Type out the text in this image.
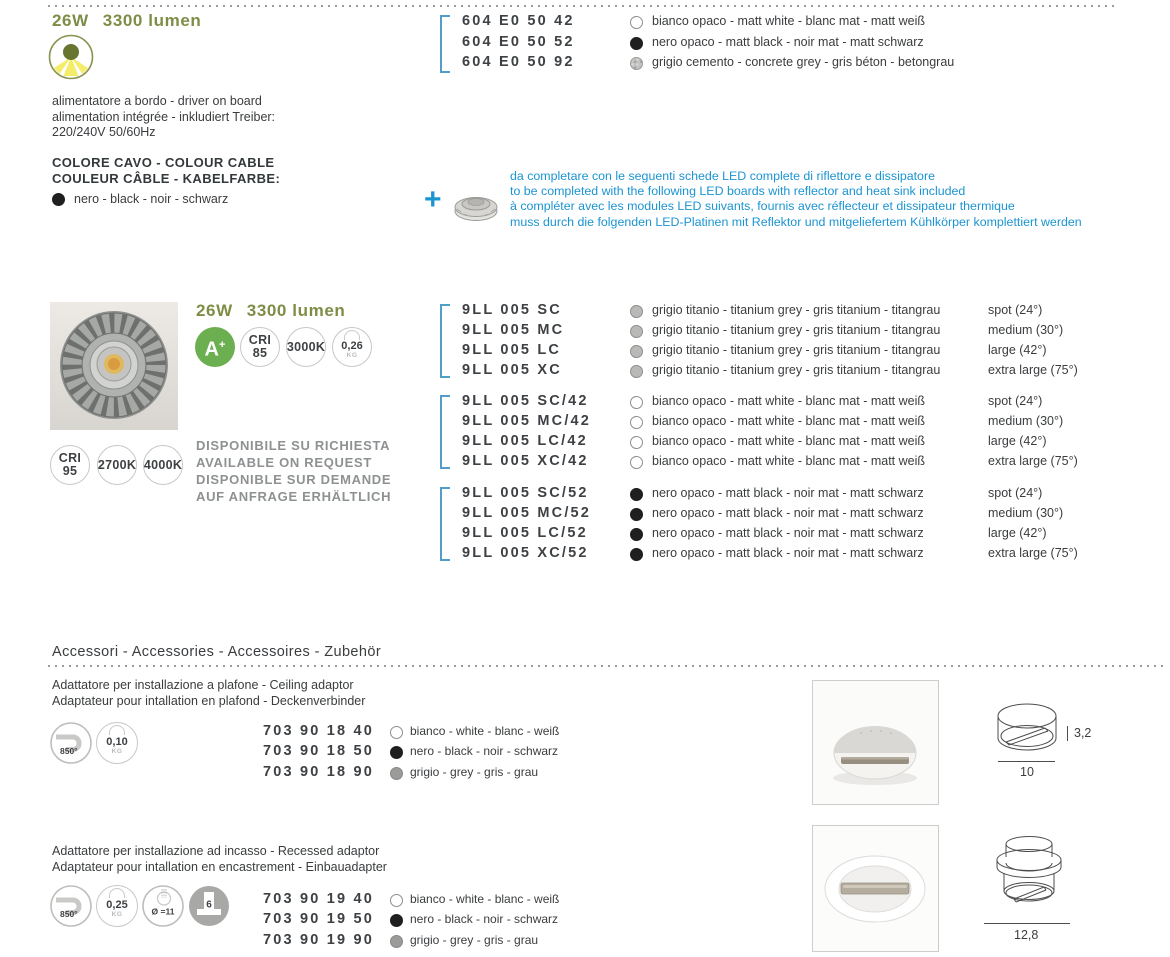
26W 3300 lumen
alimentatore a bordo - driver on board
alimentation intégrée - inkludiert Treiber:
220/240V 50/60Hz
COLORE CAVO - COLOUR CABLE
COULEUR CÂBLE - KABELFARBE:
nero - black - noir - schwarz
604 E0 50 42	bianco opaco - matt white - blanc mat - matt weiß
604 E0 50 52	nero opaco - matt black - noir mat - matt schwarz
604 E0 50 92	grigio cemento - concrete grey - gris béton - betongrau
+
da completare con le seguenti schede LED complete di riflettore e dissipatore
to be completed with the following LED boards with reflector and heat sink included
à compléter avec les modules LED suivants, fournis avec réflecteur et dissipateur thermique
muss durch die folgenden LED-Platinen mit Reflektor und mitgeliefertem Kühlkörper komplettiert werden
26W 3300 lumen
A+ CRI
85 3000K 0,26
KG
CRI
95 2700K 4000K
DISPONIBILE SU RICHIESTA
AVAILABLE ON REQUEST
DISPONIBLE SUR DEMANDE
AUF ANFRAGE ERHÄLTLICH
9LL 005 SC	grigio titanio - titanium grey - gris titanium - titangrau	spot (24°)
9LL 005 MC	grigio titanio - titanium grey - gris titanium - titangrau	medium (30°)
9LL 005 LC	grigio titanio - titanium grey - gris titanium - titangrau	large (42°)
9LL 005 XC	grigio titanio - titanium grey - gris titanium - titangrau	extra large (75°)
9LL 005 SC/42	bianco opaco - matt white - blanc mat - matt weiß	spot (24°)
9LL 005 MC/42	bianco opaco - matt white - blanc mat - matt weiß	medium (30°)
9LL 005 LC/42	bianco opaco - matt white - blanc mat - matt weiß	large (42°)
9LL 005 XC/42	bianco opaco - matt white - blanc mat - matt weiß	extra large (75°)
9LL 005 SC/52	nero opaco - matt black - noir mat - matt schwarz	spot (24°)
9LL 005 MC/52	nero opaco - matt black - noir mat - matt schwarz	medium (30°)
9LL 005 LC/52	nero opaco - matt black - noir mat - matt schwarz	large (42°)
9LL 005 XC/52	nero opaco - matt black - noir mat - matt schwarz	extra large (75°)
Accessori - Accessories - Accessoires - Zubehör
Adattatore per installazione a plafone - Ceiling adaptor
Adaptateur pour intallation en plafond - Deckenverbinder
850°
0,10
KG
703 90 18 40	bianco - white - blanc - weiß
703 90 18 50	nero - black - noir - schwarz
703 90 18 90	grigio - grey - gris - grau
3,2
10
Adattatore per installazione ad incasso - Recessed adaptor
Adaptateur pour intallation en encastrement - Einbauadapter
850°
0,25
KG	Ø =11
6	703 90 19 40	bianco - white - blanc - weiß
703 90 19 50	nero - black - noir - schwarz
703 90 19 90	grigio - grey - gris - grau	12,8
